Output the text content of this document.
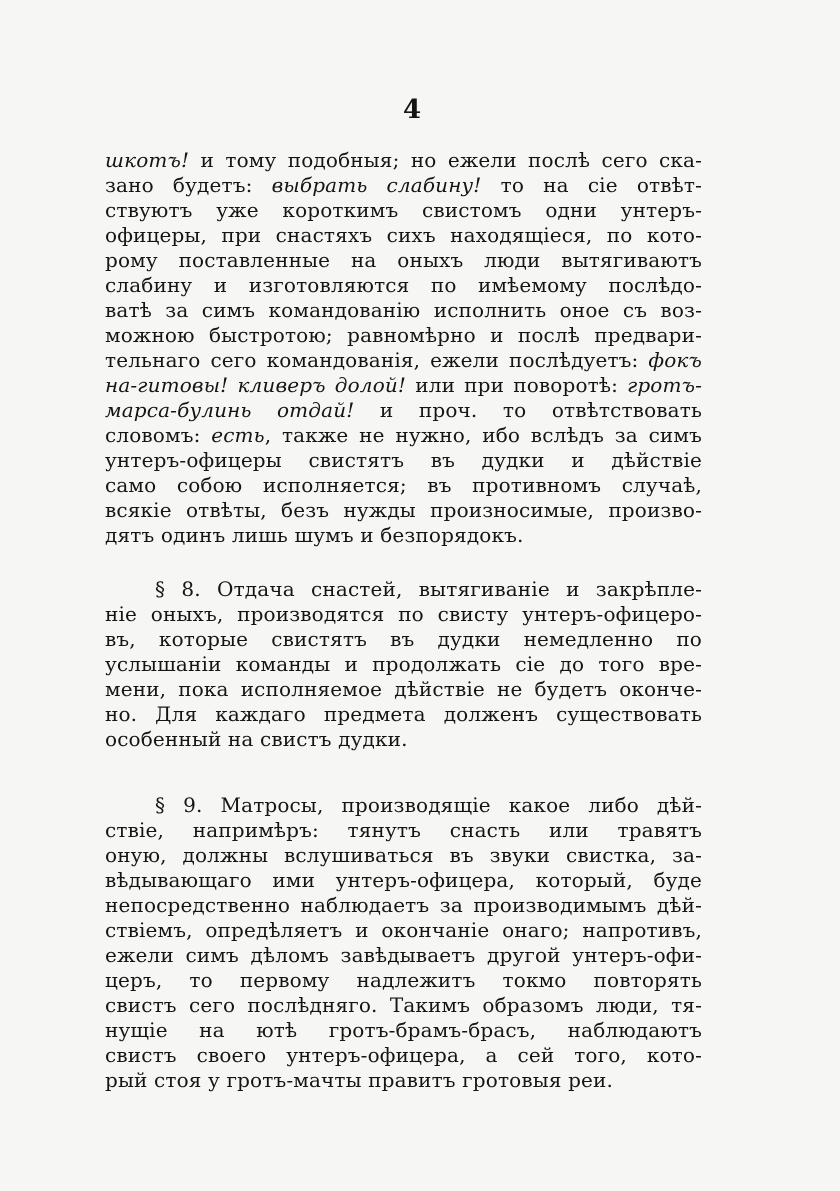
4
шкотъ! и тому подобныя; но ежели послѣ сего ска-
зано будетъ: выбрать слабину! то на сіе отвѣт-
ствуютъ уже короткимъ свистомъ одни унтеръ-
офицеры, при снастяхъ сихъ находящіеся, по кото-
рому поставленные на оныхъ люди вытягиваютъ
слабину и изготовляются по имѣемому послѣдо-
ватѣ за симъ командованію исполнить оное съ воз-
можною быстротою; равномѣрно и послѣ предвари-
тельнаго сего командованія, ежели послѣдуетъ: фокъ
на-гитовы! кливеръ долой! или при поворотѣ: гротъ-
марса-булинь отдай! и проч. то отвѣтствовать
словомъ: есть, также не нужно, ибо вслѣдъ за симъ
унтеръ-офицеры свистятъ въ дудки и дѣйствіе
само собою исполняется; въ противномъ случаѣ,
всякіе отвѣты, безъ нужды произносимые, произво-
дятъ одинъ лишь шумъ и безпорядокъ.
§ 8. Отдача снастей, вытягиваніе и закрѣпле-
ніе оныхъ, производятся по свисту унтеръ-офицеро-
въ, которые свистятъ въ дудки немедленно по
услышаніи команды и продолжать сіе до того вре-
мени, пока исполняемое дѣйствіе не будетъ оконче-
но. Для каждаго предмета долженъ существовать
особенный на свистъ дудки.
§ 9. Матросы, производящіе какое либо дѣй-
ствіе, напримѣръ: тянутъ снасть или травятъ
оную, должны вслушиваться въ звуки свистка, за-
вѣдывающаго ими унтеръ-офицера, который, буде
непосредственно наблюдаетъ за производимымъ дѣй-
ствіемъ, опредѣляетъ и окончаніе онаго; напротивъ,
ежели симъ дѣломъ завѣдываетъ другой унтеръ-офи-
церъ, то первому надлежитъ токмо повторять
свистъ сего послѣдняго. Такимъ образомъ люди, тя-
нущіе на ютѣ гротъ-брамъ-брасъ, наблюдаютъ
свистъ своего унтеръ-офицера, а сей того, кото-
рый стоя у гротъ-мачты правитъ гротовыя реи.
